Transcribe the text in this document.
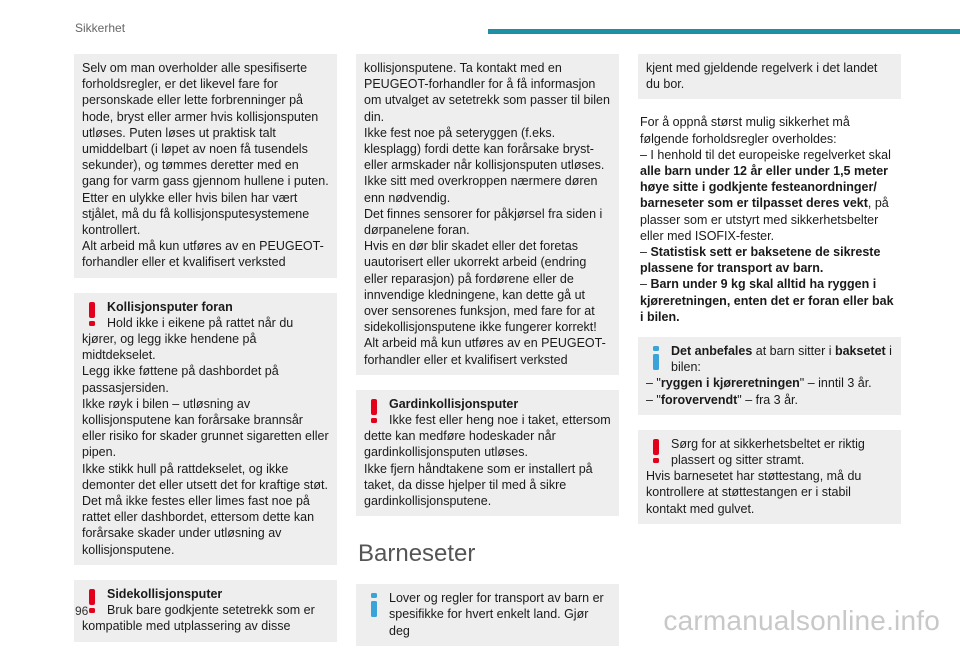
Sikkerhet

Selv om man overholder alle spesifiserte forholdsregler, er det likevel fare for personskade eller lette forbrenninger på hode, bryst eller armer hvis kollisjonsputen utløses. Puten løses ut praktisk talt umiddelbart (i løpet av noen få tusendels sekunder), og tømmes deretter med en gang for varm gass gjennom hullene i puten.

Etter en ulykke eller hvis bilen har vært stjålet, må du få kollisjonsputesystemene kontrollert.

Alt arbeid må kun utføres av en PEUGEOT-forhandler eller et kvalifisert verksted

Kollisjonsputer foran

Hold ikke i eikene på rattet når du kjører, og legg ikke hendene på midtdekselet.

Legg ikke føttene på dashbordet på passasjersiden.

Ikke røyk i bilen – utløsning av kollisjonsputene kan forårsake brannsår eller risiko for skader grunnet sigaretten eller pipen.

Ikke stikk hull på rattdekselet, og ikke demonter det eller utsett det for kraftige støt.

Det må ikke festes eller limes fast noe på rattet eller dashbordet, ettersom dette kan forårsake skader under utløsning av kollisjonsputene.

Sidekollisjonsputer

Bruk bare godkjente setetrekk som er kompatible med utplassering av disse

kollisjonsputene. Ta kontakt med en PEUGEOT-forhandler for å få informasjon om utvalget av setetrekk som passer til bilen din.

Ikke fest noe på seteryggen (f.eks. klesplagg) fordi dette kan forårsake bryst- eller armskader når kollisjonsputen utløses.

Ikke sitt med overkroppen nærmere døren enn nødvendig.

Det finnes sensorer for påkjørsel fra siden i dørpanelene foran.

Hvis en dør blir skadet eller det foretas uautorisert eller ukorrekt arbeid (endring eller reparasjon) på fordørene eller de innvendige kledningene, kan dette gå ut over sensorenes funksjon, med fare for at sidekollisjonsputene ikke fungerer korrekt!

Alt arbeid må kun utføres av en PEUGEOT-forhandler eller et kvalifisert verksted

Gardinkollisjonsputer

Ikke fest eller heng noe i taket, ettersom dette kan medføre hodeskader når gardinkollisjonsputen utløses.

Ikke fjern håndtakene som er installert på taket, da disse hjelper til med å sikre gardinkollisjonsputene.

Barneseter

Lover og regler for transport av barn er spesifikke for hvert enkelt land. Gjør deg

kjent med gjeldende regelverk i det landet du bor.

For å oppnå størst mulig sikkerhet må følgende forholdsregler overholdes:

– I henhold til det europeiske regelverket skal alle barn under 12 år eller under 1,5 meter høye sitte i godkjente festeanordninger/ barneseter som er tilpasset deres vekt, på plasser som er utstyrt med sikkerhetsbelter eller med ISOFIX-fester.

– Statistisk sett er baksetene de sikreste plassene for transport av barn.

– Barn under 9 kg skal alltid ha ryggen i kjøreretningen, enten det er foran eller bak i bilen.

Det anbefales at barn sitter i baksetet i bilen:

– "ryggen i kjøreretningen" – inntil 3 år.

– "forovervendt" – fra 3 år.

Sørg for at sikkerhetsbeltet er riktig plassert og sitter stramt.

Hvis barnesetet har støttestang, må du kontrollere at støttestangen er i stabil kontakt med gulvet.

96	carmanualsonline.info
